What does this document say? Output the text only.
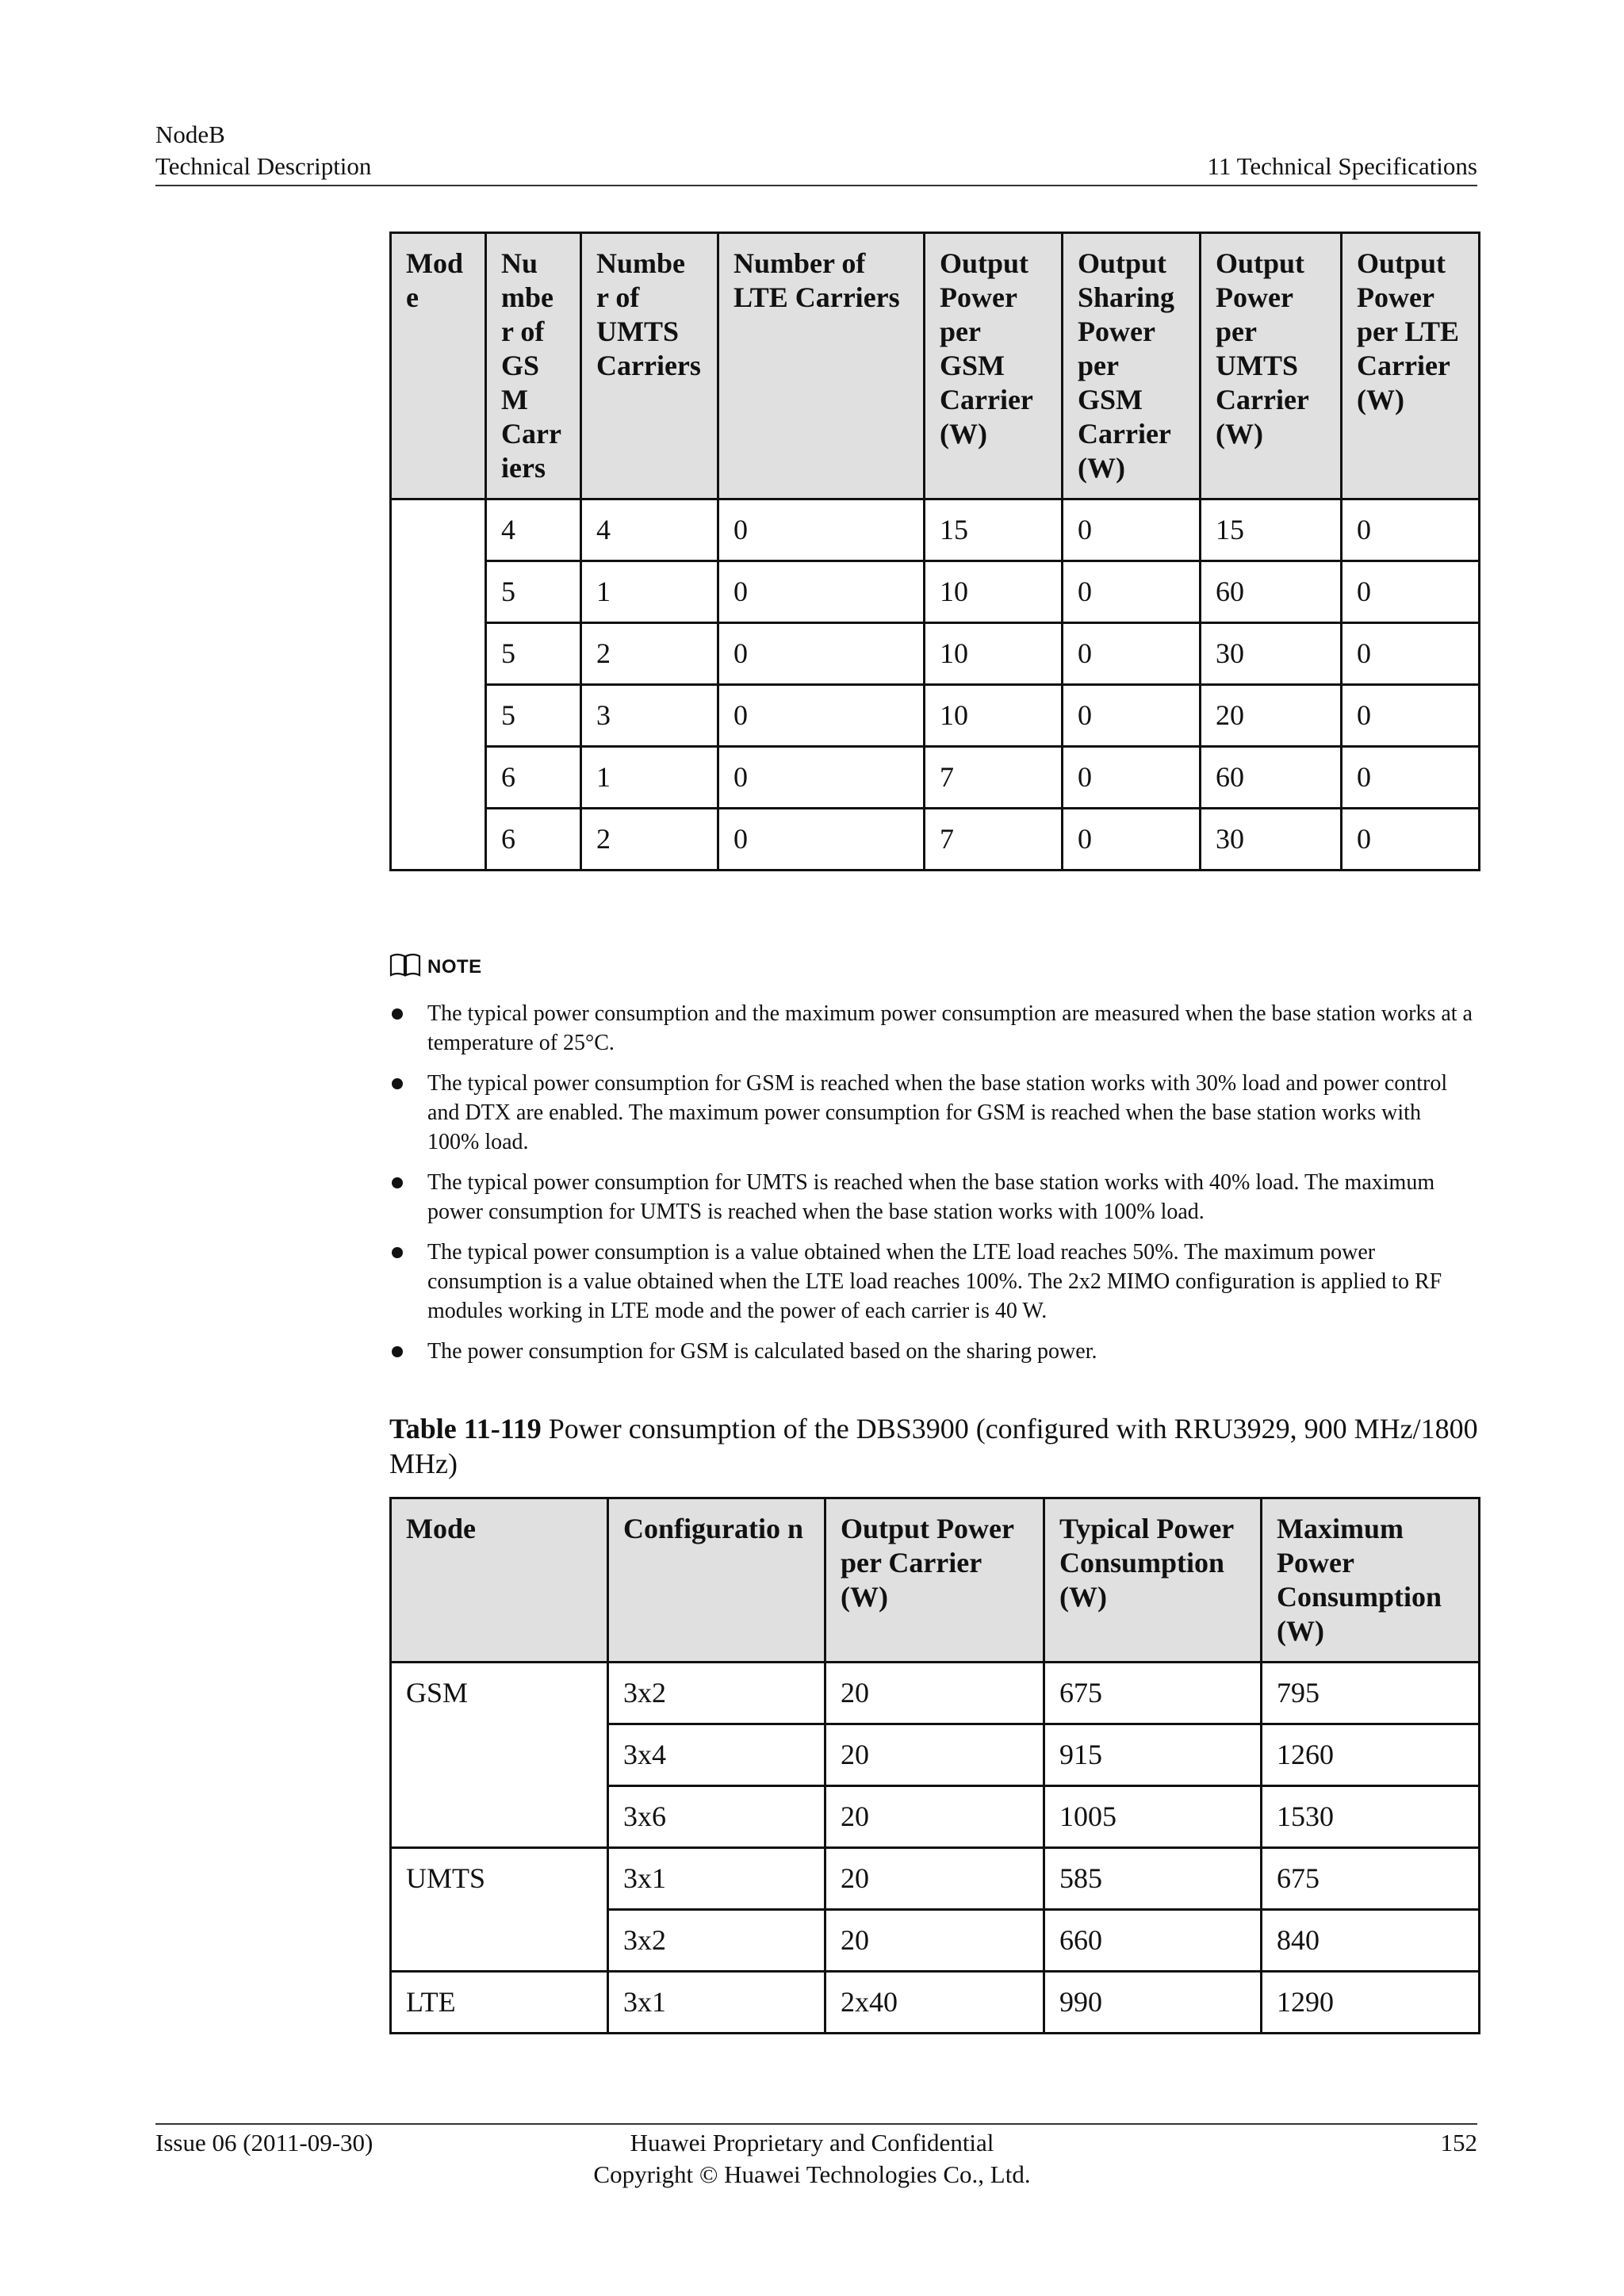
NodeB
Technical Description	11 Technical Specifications
Mod e	Nu mbe r of GS M Carr iers	Numbe r of UMTS Carriers	Number of LTE Carriers	Output Power per GSM Carrier (W)	Output Sharing Power per GSM Carrier (W)	Output Power per UMTS Carrier (W)	Output Power per LTE Carrier (W)
	4	4	0	15	0	15	0
	5	1	0	10	0	60	0
	5	2	0	10	0	30	0
	5	3	0	10	0	20	0
	6	1	0	7	0	60	0
	6	2	0	7	0	30	0
NOTE
The typical power consumption and the maximum power consumption are measured when the base station works at a temperature of 25°C.
The typical power consumption for GSM is reached when the base station works with 30% load and power control and DTX are enabled. The maximum power consumption for GSM is reached when the base station works with 100% load.
The typical power consumption for UMTS is reached when the base station works with 40% load. The maximum power consumption for UMTS is reached when the base station works with 100% load.
The typical power consumption is a value obtained when the LTE load reaches 50%. The maximum power consumption is a value obtained when the LTE load reaches 100%. The 2x2 MIMO configuration is applied to RF modules working in LTE mode and the power of each carrier is 40 W.
The power consumption for GSM is calculated based on the sharing power.
Table 11-119 Power consumption of the DBS3900 (configured with RRU3929, 900 MHz/1800 MHz)
Mode	Configuratio n	Output Power per Carrier (W)	Typical Power Consumption (W)	Maximum Power Consumption (W)
GSM	3x2	20	675	795
	3x4	20	915	1260
	3x6	20	1005	1530
UMTS	3x1	20	585	675
	3x2	20	660	840
LTE	3x1	2x40	990	1290
Issue 06 (2011-09-30)	Huawei Proprietary and Confidential
Copyright © Huawei Technologies Co., Ltd.
152
